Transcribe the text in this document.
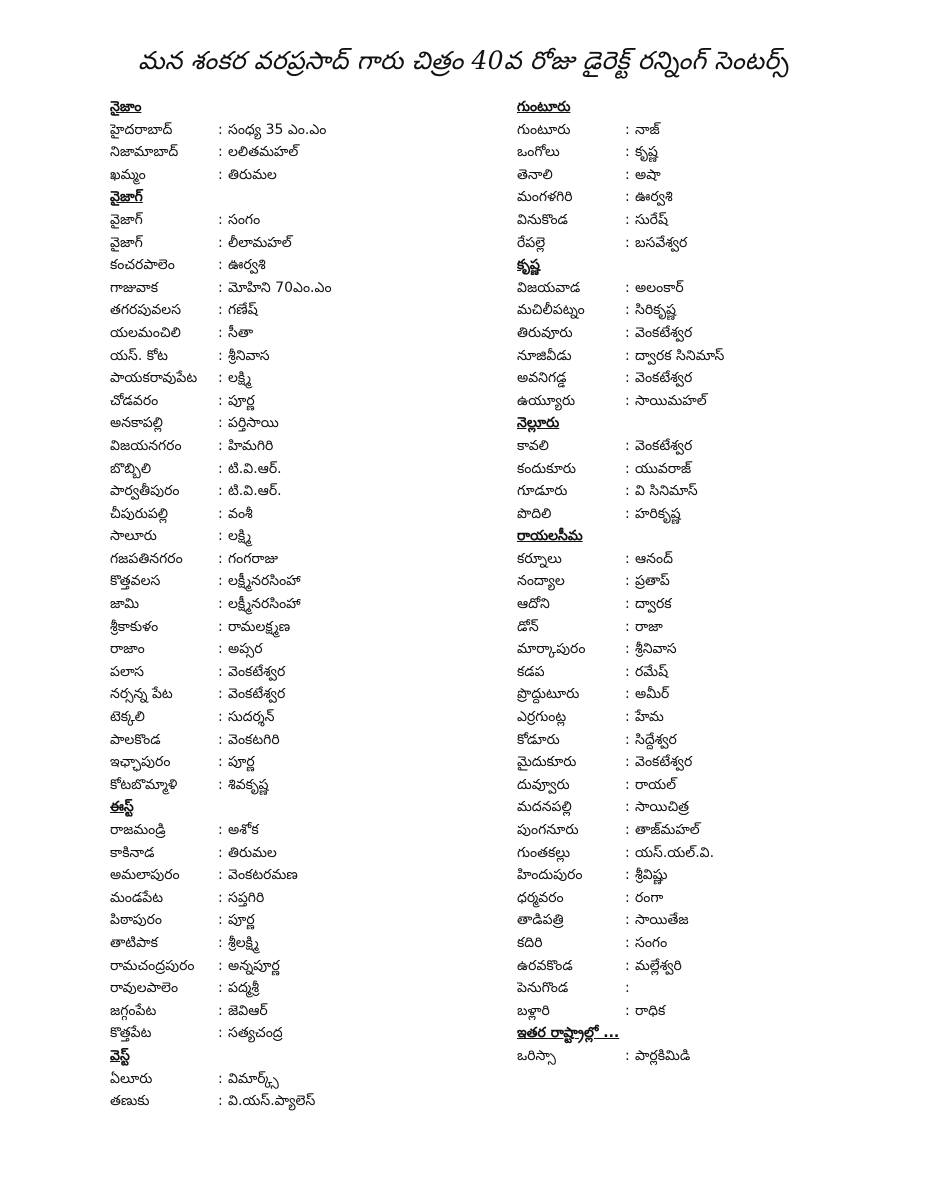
మన శంకర వరప్రసాద్ గారు చిత్రం 40వ రోజు డైరెక్ట్ రన్నింగ్ సెంటర్స్
నైజాం
హైదరాబాద్	: సంధ్య 35 ఎం.ఎం
నిజామాబాద్	: లలితమహల్
ఖమ్మం	: తిరుమల
వైజాగ్
వైజాగ్	: సంగం
వైజాగ్	: లీలామహల్
కంచరపాలెం	: ఊర్వశి
గాజువాక	: మోహిని 70ఎం.ఎం
తగరపువలస	: గణేష్
యలమంచిలి	: సీతా
యస్. కోట	: శ్రీనివాస
పాయకరావుపేట	: లక్ష్మి
చోడవరం	: పూర్ణ
అనకాపల్లి	: పర్తిసాయి
విజయనగరం	: హిమగిరి
బొబ్బిలి	: టి.వి.ఆర్.
పార్వతీపురం	: టి.వి.ఆర్.
చీపురుపల్లి	: వంశీ
సాలూరు	: లక్ష్మి
గజపతినగరం	: గంగరాజు
కొత్తవలస	: లక్ష్మీనరసింహా
జామి	: లక్ష్మీనరసింహా
శ్రీకాకుళం	: రామలక్ష్మణ
రాజాం	: అప్సర
పలాస	: వెంకటేశ్వర
నర్సన్న పేట	: వెంకటేశ్వర
టెక్కలి	: సుదర్శన్
పాలకొండ	: వెంకటగిరి
ఇఛ్ఛాపురం	: పూర్ణ
కోటబొమ్మాళి	: శివకృష్ణ
ఈస్ట్
రాజమండ్రి	: అశోక
కాకినాడ	: తిరుమల
అమలాపురం	: వెంకటరమణ
మండపేట	: సప్తగిరి
పిఠాపురం	: పూర్ణ
తాటిపాక	: శ్రీలక్ష్మి
రామచంద్రపురం	: అన్నపూర్ణ
రావులపాలెం	: పద్మశ్రీ
జగ్గంపేట	: జెవిఆర్
కొత్తపేట	: సత్యచంద్ర
వెస్ట్
ఏలూరు	: విమార్క్స్
తణుకు	: వి.యస్.ప్యాలెస్
గుంటూరు
గుంటూరు	: నాజ్
ఒంగోలు	: కృష్ణ
తెనాలి	: అషా
మంగళగిరి	: ఊర్వశి
వినుకొండ	: సురేష్
రేపల్లె	: బసవేశ్వర
కృష్ణ
విజయవాడ	: అలంకార్
మచిలీపట్నం	: సిరికృష్ణ
తిరువూరు	: వెంకటేశ్వర
నూజివీడు	: ద్వారక సినిమాస్
అవనిగడ్డ	: వెంకటేశ్వర
ఉయ్యూరు	: సాయిమహల్
నెల్లూరు
కావలి	: వెంకటేశ్వర
కందుకూరు	: యువరాజ్
గూడూరు	: వి సినిమాస్
పొదిలి	: హరికృష్ణ
రాయలసీమ
కర్నూలు	: ఆనంద్
నంద్యాల	: ప్రతాప్
ఆదోని	: ద్వారక
డోన్	: రాజా
మార్కాపురం	: శ్రీనివాస
కడప	: రమేష్
ప్రొద్దుటూరు	: అమీర్
ఎర్రగుంట్ల	: హేమ
కోడూరు	: సిద్దేశ్వర
మైదుకూరు	: వెంకటేశ్వర
దువ్వూరు	: రాయల్
మదనపల్లి	: సాయిచిత్ర
పుంగనూరు	: తాజ్‌మహల్
గుంతకల్లు	: యస్.యల్.వి.
హిందుపురం	: శ్రీవిష్ణు
ధర్మవరం	: రంగా
తాడిపత్రి	: సాయితేజ
కదిరి	: సంగం
ఉరవకొండ	: మల్లేశ్వరి
పెనుగొండ	:
బళ్లారి	: రాధిక
ఇతర రాష్ట్రాల్లో ...
ఒరిస్సా	: పార్లకిమిడి
